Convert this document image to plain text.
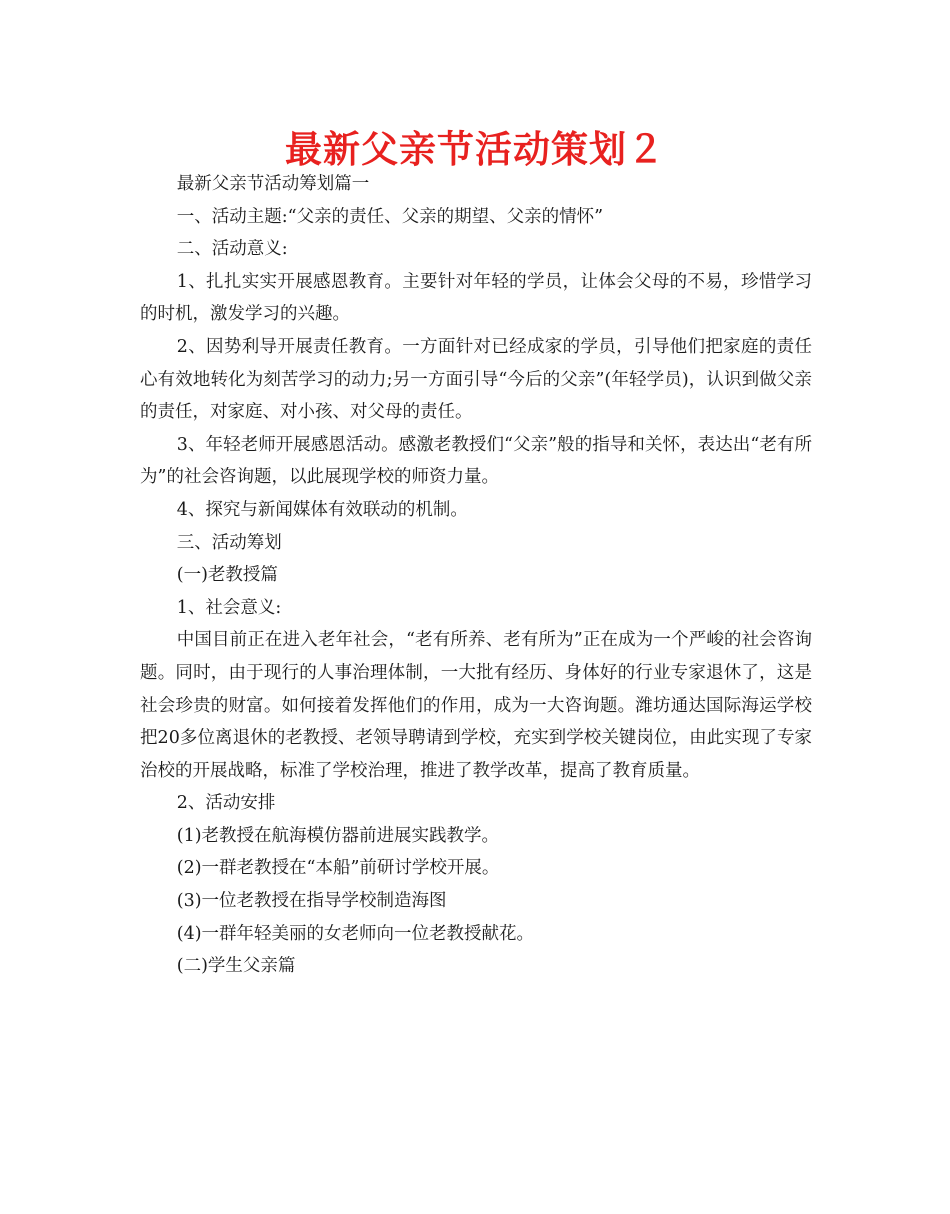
最新父亲节活动策划２

最新父亲节活动筹划篇一

一、活动主题:“父亲的责任、父亲的期望、父亲的情怀”

二、活动意义:

1、扎扎实实开展感恩教育。主要针对年轻的学员，让体会父母的不易，珍惜学习的时机，激发学习的兴趣。

2、因势利导开展责任教育。一方面针对已经成家的学员，引导他们把家庭的责任心有效地转化为刻苦学习的动力;另一方面引导“今后的父亲”(年轻学员)，认识到做父亲的责任，对家庭、对小孩、对父母的责任。

3、年轻老师开展感恩活动。感激老教授们“父亲”般的指导和关怀，表达出“老有所为”的社会咨询题，以此展现学校的师资力量。

4、探究与新闻媒体有效联动的机制。

三、活动筹划

(一)老教授篇

1、社会意义:

中国目前正在进入老年社会，“老有所养、老有所为”正在成为一个严峻的社会咨询题。同时，由于现行的人事治理体制，一大批有经历、身体好的行业专家退休了，这是社会珍贵的财富。如何接着发挥他们的作用，成为一大咨询题。潍坊通达国际海运学校把20多位离退休的老教授、老领导聘请到学校，充实到学校关键岗位，由此实现了专家治校的开展战略，标准了学校治理，推进了教学改革，提高了教育质量。

2、活动安排

(1)老教授在航海模仿器前进展实践教学。

(2)一群老教授在“本船”前研讨学校开展。

(3)一位老教授在指导学校制造海图

(4)一群年轻美丽的女老师向一位老教授献花。

(二)学生父亲篇
